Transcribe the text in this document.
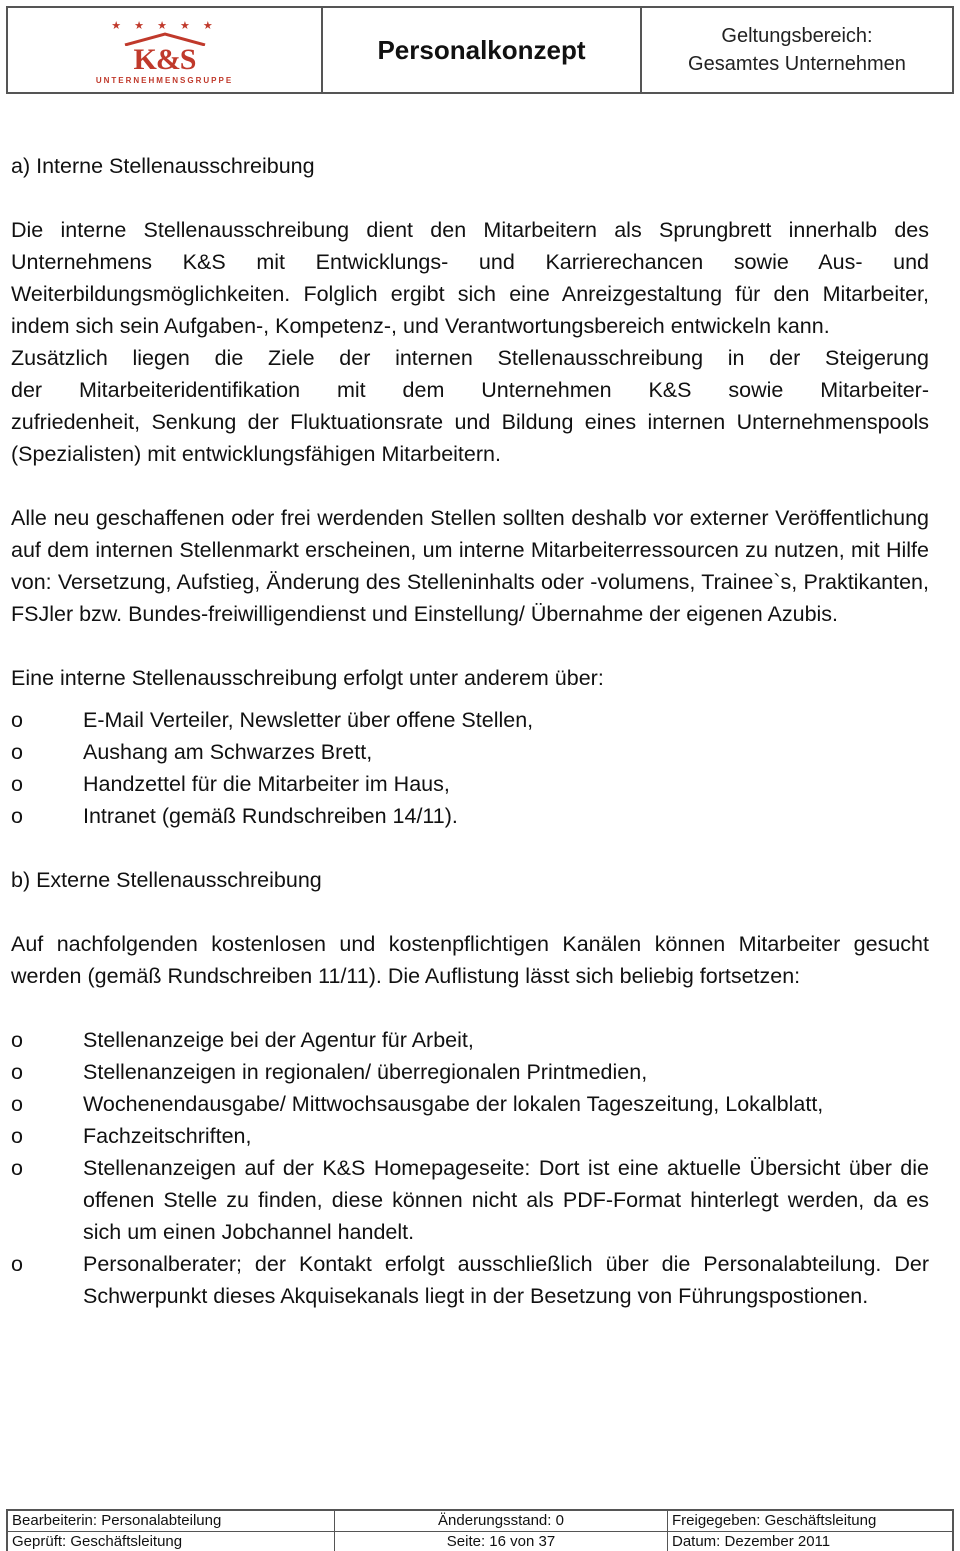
★ ★ ★ ★ ★
K&S
UNTERNEHMENSGRUPPE
Personalkonzept	Geltungsbereich:
Gesamtes Unternehmen

a) Interne Stellenausschreibung

Die interne Stellenausschreibung dient den Mitarbeitern als Sprungbrett innerhalb des Unternehmens K&S mit Entwicklungs- und Karrierechancen sowie Aus- und Weiterbildungsmöglichkeiten. Folglich ergibt sich eine Anreizgestaltung für den Mitarbeiter, indem sich sein Aufgaben-, Kompetenz-, und Verantwortungsbereich entwickeln kann.

Zusätzlich liegen die Ziele der internen Stellenausschreibung in der Steigerung

der Mitarbeiteridentifikation mit dem Unternehmen K&S sowie Mitarbeiter-

zufriedenheit, Senkung der Fluktuationsrate und Bildung eines internen Unternehmenspools (Spezialisten) mit entwicklungsfähigen Mitarbeitern.

Alle neu geschaffenen oder frei werdenden Stellen sollten deshalb vor externer Veröffentlichung auf dem internen Stellenmarkt erscheinen, um interne Mitarbeiterressourcen zu nutzen, mit Hilfe von: Versetzung, Aufstieg, Änderung des Stelleninhalts oder -volumens, Trainee`s, Praktikanten, FSJler bzw. Bundes-freiwilligendienst und Einstellung/ Übernahme der eigenen Azubis.

Eine interne Stellenausschreibung erfolgt unter anderem über:

o	E-Mail Verteiler, Newsletter über offene Stellen,
o	Aushang am Schwarzes Brett,
o	Handzettel für die Mitarbeiter im Haus,
o	Intranet (gemäß Rundschreiben 14/11).

b) Externe Stellenausschreibung

Auf nachfolgenden kostenlosen und kostenpflichtigen Kanälen können Mitarbeiter gesucht werden (gemäß Rundschreiben 11/11). Die Auflistung lässt sich beliebig fortsetzen:

o	Stellenanzeige bei der Agentur für Arbeit,
o	Stellenanzeigen in regionalen/ überregionalen Printmedien,
o	Wochenendausgabe/ Mittwochsausgabe der lokalen Tageszeitung, Lokalblatt,
o	Fachzeitschriften,
o	Stellenanzeigen auf der K&S Homepageseite: Dort ist eine aktuelle Übersicht über die offenen Stelle zu finden, diese können nicht als PDF-Format hinterlegt werden, da es sich um einen Jobchannel handelt.
o	Personalberater; der Kontakt erfolgt ausschließlich über die Personalabteilung. Der Schwerpunkt dieses Akquisekanals liegt in der Besetzung von Führungspostionen.
Bearbeiterin: Personalabteilung	Änderungsstand: 0	Freigegeben: Geschäftsleitung
Geprüft: Geschäftsleitung	Seite: 16 von 37	Datum: Dezember 2011
